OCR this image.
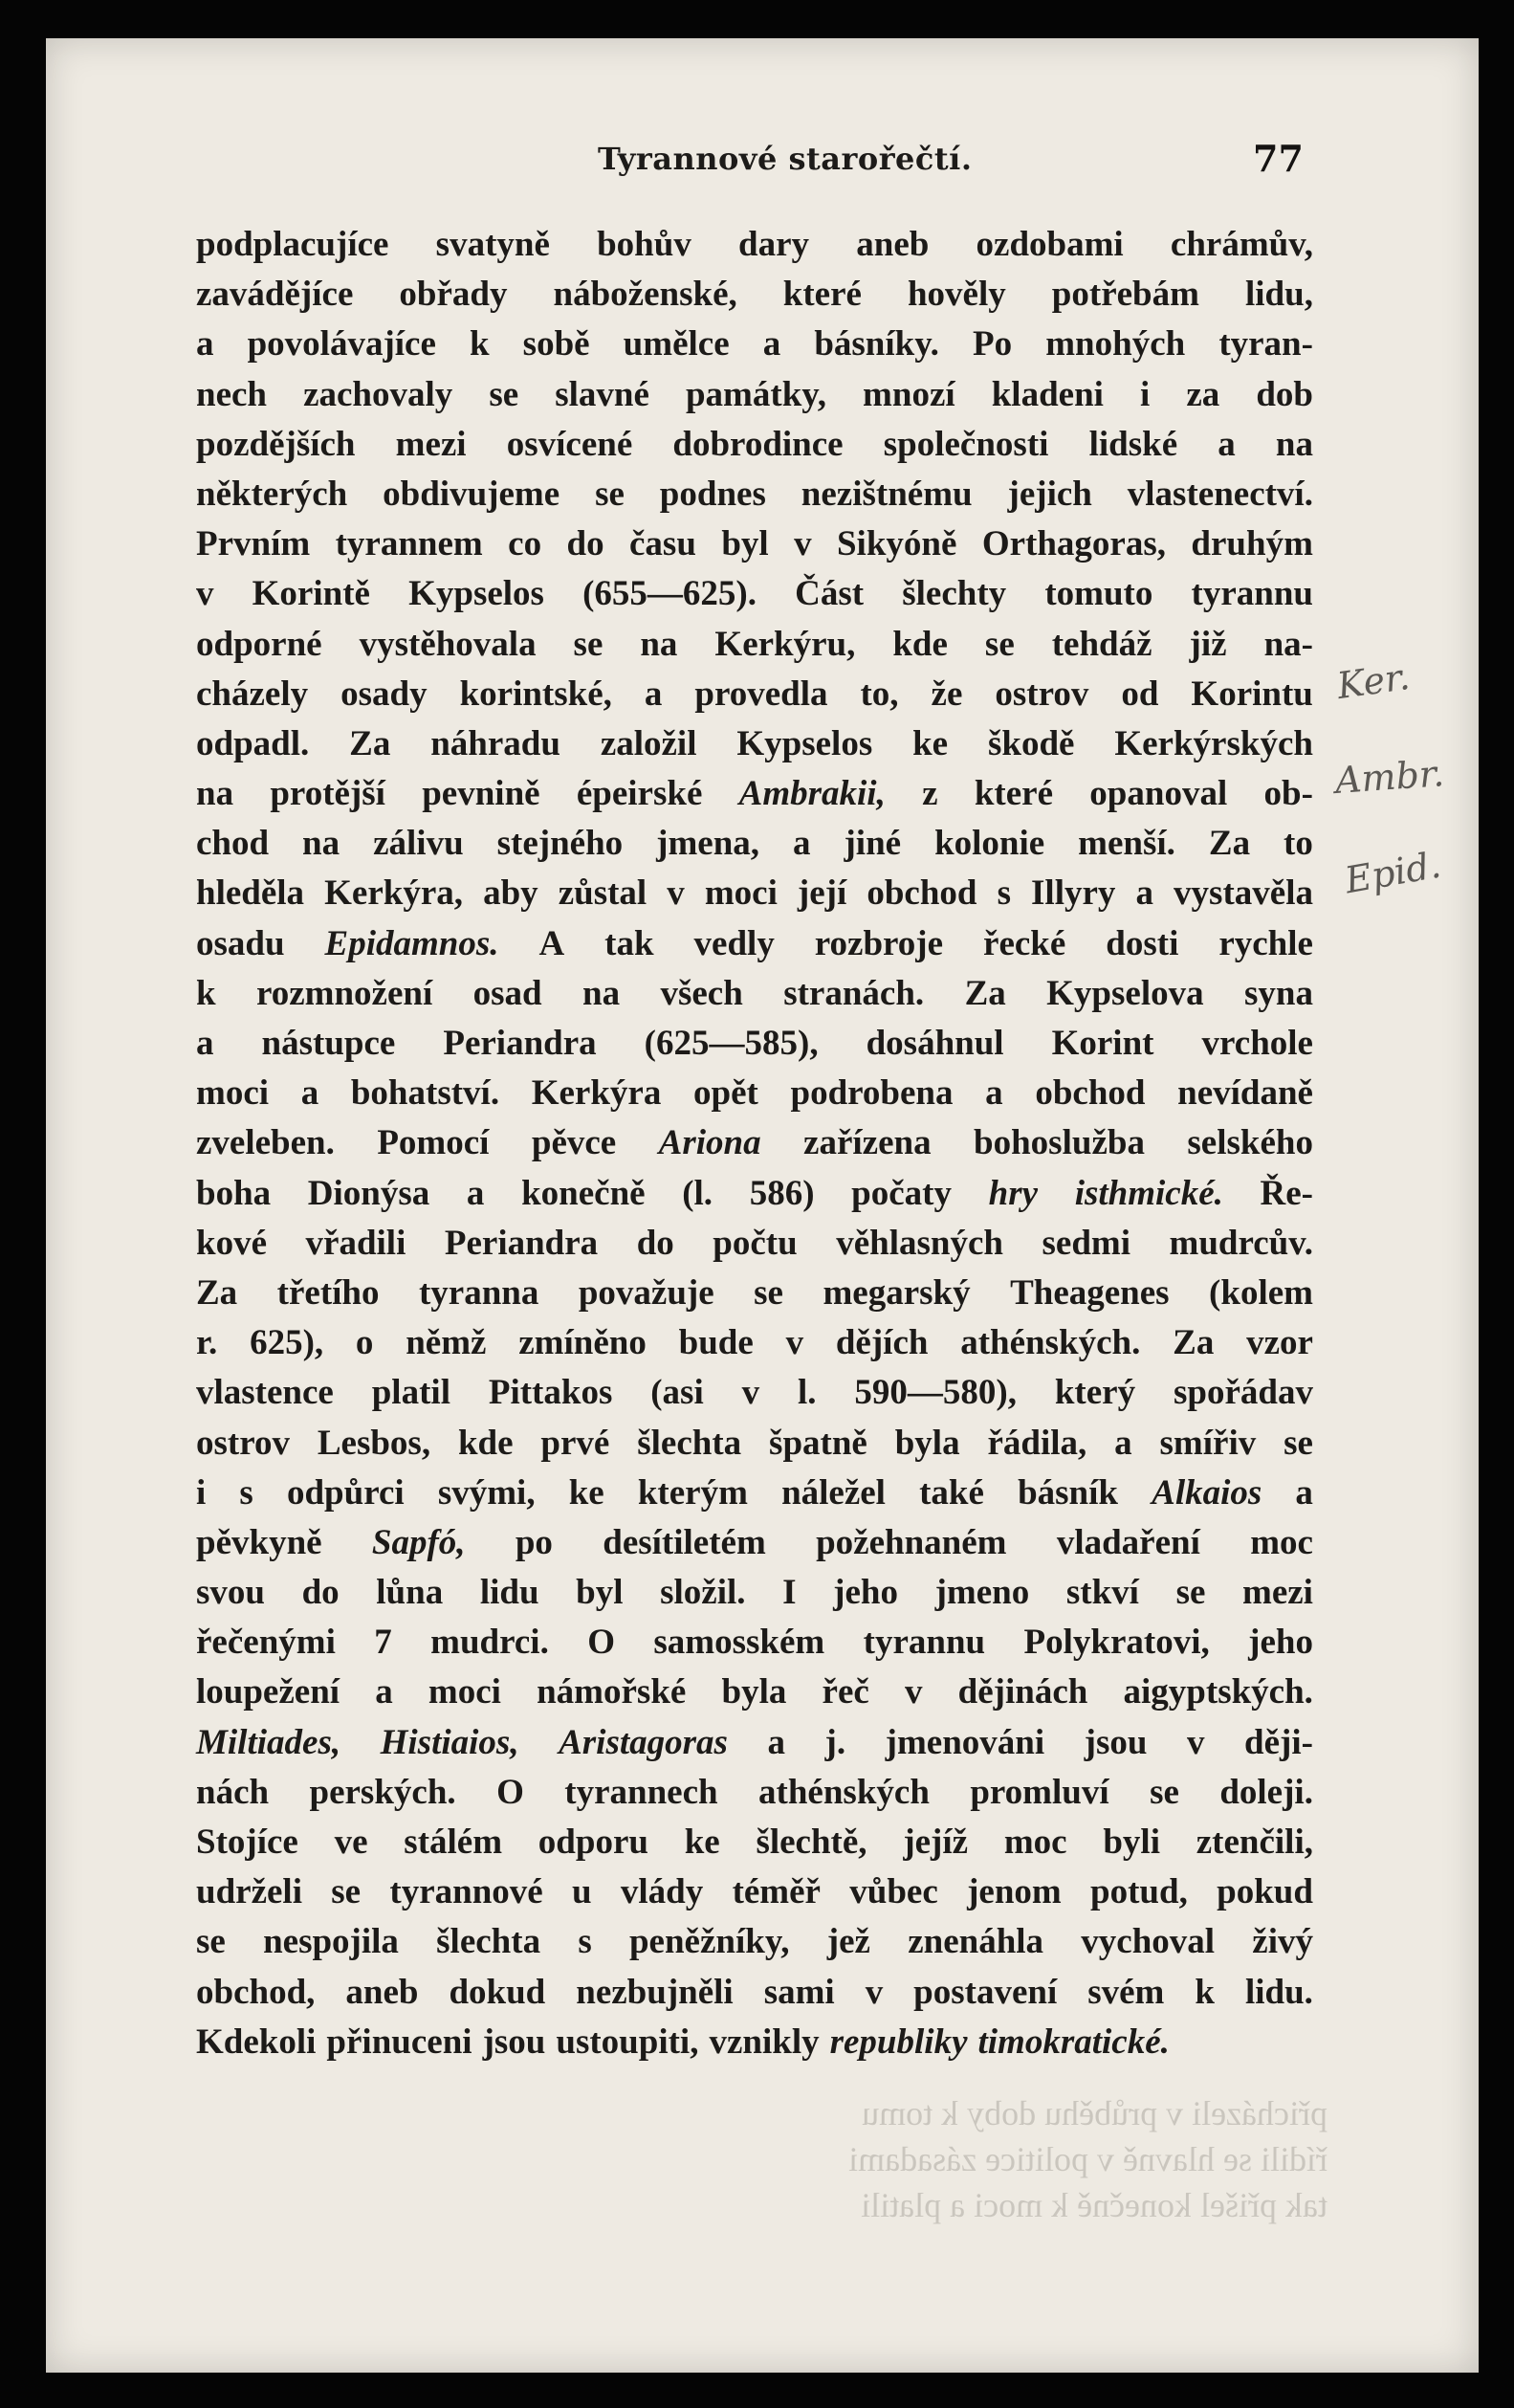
Tyrannové starořečtí.	77
podplacujíce svatyně bohův dary aneb ozdobami chrámův,
zavádějíce obřady náboženské, které hověly potřebám lidu,
a povolávajíce k sobě umělce a básníky. Po mnohých tyran-
nech zachovaly se slavné památky, mnozí kladeni i za dob
pozdějších mezi osvícené dobrodince společnosti lidské a na
některých obdivujeme se podnes nezištnému jejich vlastenectví.
Prvním tyrannem co do času byl v Sikyóně Orthagoras, druhým
v Korintě Kypselos (655—625). Část šlechty tomuto tyrannu
odporné vystěhovala se na Kerkýru, kde se tehdáž již na-
cházely osady korintské, a provedla to, že ostrov od Korintu
odpadl. Za náhradu založil Kypselos ke škodě Kerkýrských
na protější pevnině épeirské Ambrakii, z které opanoval ob-
chod na zálivu stejného jmena, a jiné kolonie menší. Za to
hleděla Kerkýra, aby zůstal v moci její obchod s Illyry a vystavěla
osadu Epidamnos. A tak vedly rozbroje řecké dosti rychle
k rozmnožení osad na všech stranách. Za Kypselova syna
a nástupce Periandra (625—585), dosáhnul Korint vrchole
moci a bohatství. Kerkýra opět podrobena a obchod nevídaně
zveleben. Pomocí pěvce Ariona zařízena bohoslužba selského
boha Dionýsa a konečně (l. 586) počaty hry isthmické. Ře-
kové vřadili Periandra do počtu věhlasných sedmi mudrcův.
Za třetího tyranna považuje se megarský Theagenes (kolem
r. 625), o němž zmíněno bude v dějích athénských. Za vzor
vlastence platil Pittakos (asi v l. 590—580), který spořádav
ostrov Lesbos, kde prvé šlechta špatně byla řádila, a smířiv se
i s odpůrci svými, ke kterým náležel také básník Alkaios a
pěvkyně Sapfó, po desítiletém požehnaném vladaření moc
svou do lůna lidu byl složil. I jeho jmeno stkví se mezi
řečenými 7 mudrci. O samosském tyrannu Polykratovi, jeho
loupežení a moci námořské byla řeč v dějinách aigyptských.
Miltiades, Histiaios, Aristagoras a j. jmenováni jsou v ději-
nách perských. O tyrannech athénských promluví se doleji.
Stojíce ve stálém odporu ke šlechtě, jejíž moc byli ztenčili,
udrželi se tyrannové u vlády téměř vůbec jenom potud, pokud
se nespojila šlechta s peněžníky, jež znenáhla vychoval živý
obchod, aneb dokud nezbujněli sami v postavení svém k lidu.
Kdekoli přinuceni jsou ustoupiti, vznikly republiky timokratické.
přicházeli v průběhu doby k tomu
řídili se hlavně v politice zásadami
tak přišel konečně k moci a platili
Ker.
Ambr.
Epid.
